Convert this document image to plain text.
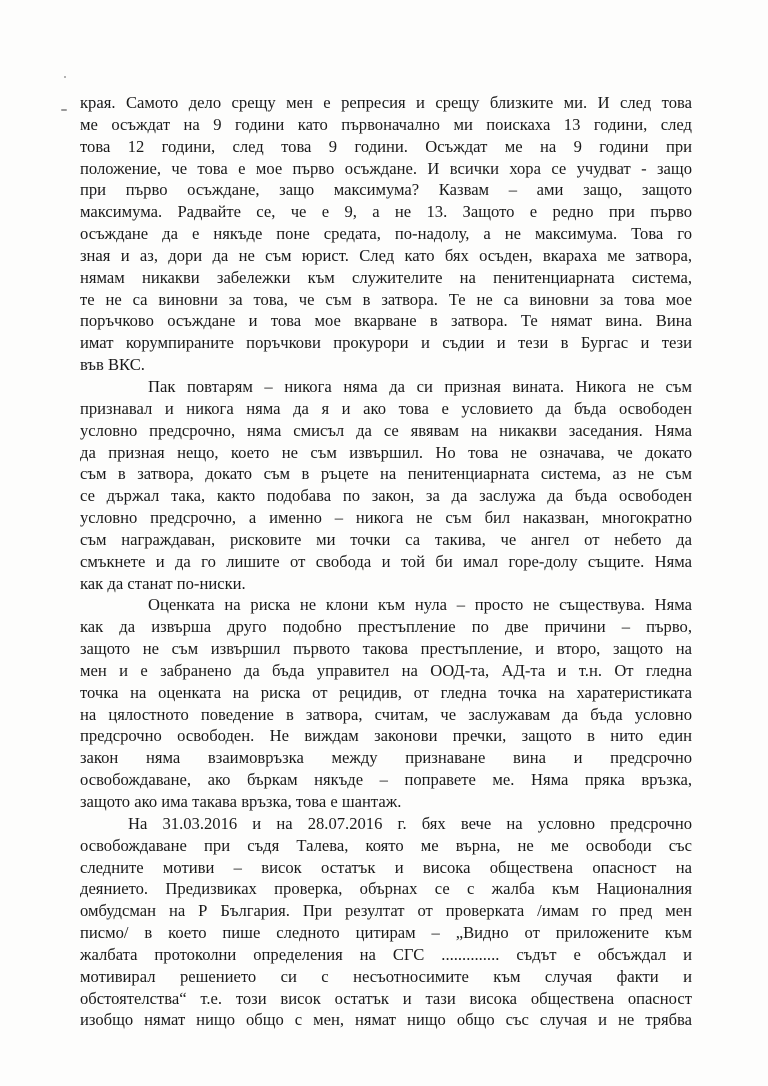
края. Самото дело срещу мен е репресия и срещу близките ми. И след това
ме осъждат на 9 години като първоначално ми поискаха 13 години, след
това 12 години, след това 9 години. Осъждат ме на 9 години при
положение, че това е мое първо осъждане. И всички хора се учудват - защо
при първо осъждане, защо максимума? Казвам – ами защо, защото
максимума. Радвайте се, че е 9, а не 13. Защото е редно при първо
осъждане да е някъде поне средата, по-надолу, а не максимума. Това го
зная и аз, дори да не съм юрист. След като бях осъден, вкараха ме затвора,
нямам никакви забележки към служителите на пенитенциарната система,
те не са виновни за това, че съм в затвора. Те не са виновни за това мое
поръчково осъждане и това мое вкарване в затвора. Те нямат вина. Вина
имат корумпираните поръчкови прокурори и съдии и тези в Бургас и тези
във ВКС.
Пак повтарям – никога няма да си призная вината. Никога не съм
признавал и никога няма да я и ако това е условието да бъда освободен
условно предсрочно, няма смисъл да се явявам на никакви заседания. Няма
да призная нещо, което не съм извършил. Но това не означава, че докато
съм в затвора, докато съм в ръцете на пенитенциарната система, аз не съм
се държал така, както подобава по закон, за да заслужа да бъда освободен
условно предсрочно, а именно – никога не съм бил наказван, многократно
съм награждаван, рисковите ми точки са такива, че ангел от небето да
смъкнете и да го лишите от свобода и той би имал горе-долу същите. Няма
как да станат по-ниски.
Оценката на риска не клони към нула – просто не съществува. Няма
как да извърша друго подобно престъпление по две причини – първо,
защото не съм извършил първото такова престъпление, и второ, защото на
мен и е забранено да бъда управител на ООД-та, АД-та и т.н. От гледна
точка на оценката на риска от рецидив, от гледна точка на харатеристиката
на цялостното поведение в затвора, считам, че заслужавам да бъда условно
предсрочно освободен. Не виждам законови пречки, защото в нито един
закон няма взаимовръзка между признаване вина и предсрочно
освобождаване, ако бъркам някъде – поправете ме. Няма пряка връзка,
защото ако има такава връзка, това е шантаж.
На 31.03.2016 и на 28.07.2016 г. бях вече на условно предсрочно
освобождаване при съдя Талева, която ме върна, не ме освободи със
следните мотиви – висок остатък и висока обществена опасност на
деянието. Предизвиках проверка, обърнах се с жалба към Националния
омбудсман на Р България. При резултат от проверката /имам го пред мен
писмо/ в което пише следното цитирам – „Видно от приложените към
жалбата протоколни определения на СГС .............. съдът е обсъждал и
мотивирал решението си с несъотносимите към случая факти и
обстоятелства“ т.е. този висок остатък и тази висока обществена опасност
изобщо нямат нищо общо с мен, нямат нищо общо със случая и не трябва
